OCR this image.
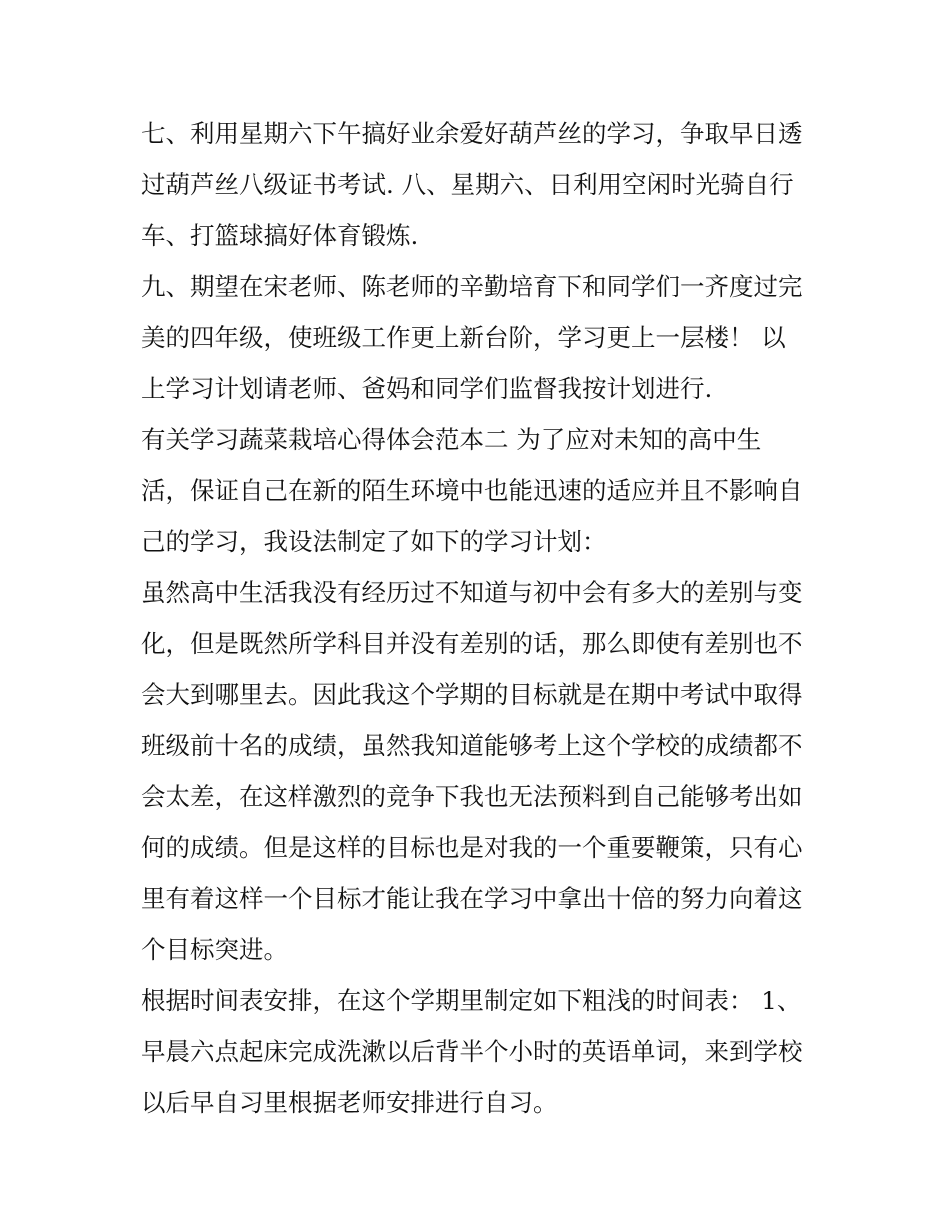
七、利用星期六下午搞好业余爱好葫芦丝的学习，争取早日透
过葫芦丝八级证书考试. 八、星期六、日利用空闲时光骑自行
车、打篮球搞好体育锻炼.
九、期望在宋老师、陈老师的辛勤培育下和同学们一齐度过完
美的四年级，使班级工作更上新台阶，学习更上一层楼！ 以
上学习计划请老师、爸妈和同学们监督我按计划进行.
有关学习蔬菜栽培心得体会范本二 为了应对未知的高中生
活，保证自己在新的陌生环境中也能迅速的适应并且不影响自
己的学习，我设法制定了如下的学习计划：
虽然高中生活我没有经历过不知道与初中会有多大的差别与变
化，但是既然所学科目并没有差别的话，那么即使有差别也不
会大到哪里去。因此我这个学期的目标就是在期中考试中取得
班级前十名的成绩，虽然我知道能够考上这个学校的成绩都不
会太差，在这样激烈的竞争下我也无法预料到自己能够考出如
何的成绩。但是这样的目标也是对我的一个重要鞭策，只有心
里有着这样一个目标才能让我在学习中拿出十倍的努力向着这
个目标突进。
根据时间表安排，在这个学期里制定如下粗浅的时间表： 1、
早晨六点起床完成洗漱以后背半个小时的英语单词，来到学校
以后早自习里根据老师安排进行自习。
